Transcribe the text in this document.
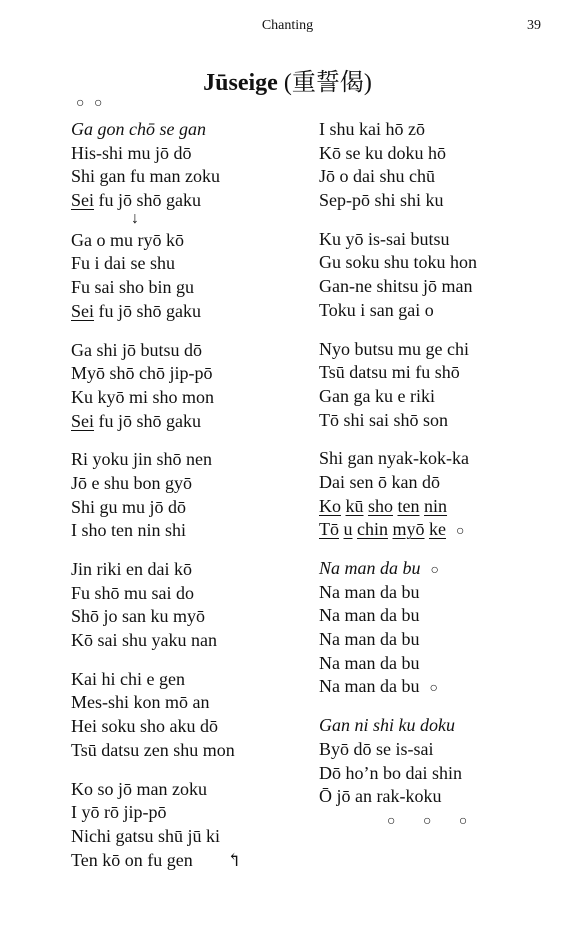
Chanting	39
Jūseige (重誓偈)
○ ○
Ga gon chō se gan
His-shi mu jō dō
Shi gan fu man zoku
Sei fu jō shō gaku
↓
Ga o mu ryō kō
Fu i dai se shu
Fu sai sho bin gu
Sei fu jō shō gaku
Ga shi jō butsu dō
Myō shō chō jip-pō
Ku kyō mi sho mon
Sei fu jō shō gaku
Ri yoku jin shō nen
Jō e shu bon gyō
Shi gu mu jō dō
I sho ten nin shi
Jin riki en dai kō
Fu shō mu sai do
Shō jo san ku myō
Kō sai shu yaku nan
Kai hi chi e gen
Mes-shi kon mō an
Hei soku sho aku dō
Tsū datsu zen shu mon
Ko so jō man zoku
I yō rō jip-pō
Nichi gatsu shū jū ki
Ten kō on fu gen ↰
I shu kai hō zō
Kō se ku doku hō
Jō o dai shu chū
Sep-pō shi shi ku
Ku yō is-sai butsu
Gu soku shu toku hon
Gan-ne shitsu jō man
Toku i san gai o
Nyo butsu mu ge chi
Tsū datsu mi fu shō
Gan ga ku e riki
Tō shi sai shō son
Shi gan nyak-kok-ka
Dai sen ō kan dō
Ko kū sho ten nin
Tō u chin myō ke ○
Na man da bu ○
Na man da bu
Na man da bu
Na man da bu
Na man da bu
Na man da bu ○
Gan ni shi ku doku
Byō dō se is-sai
Dō ho’n bo dai shin
Ō jō an rak-koku
○ ○ ○
